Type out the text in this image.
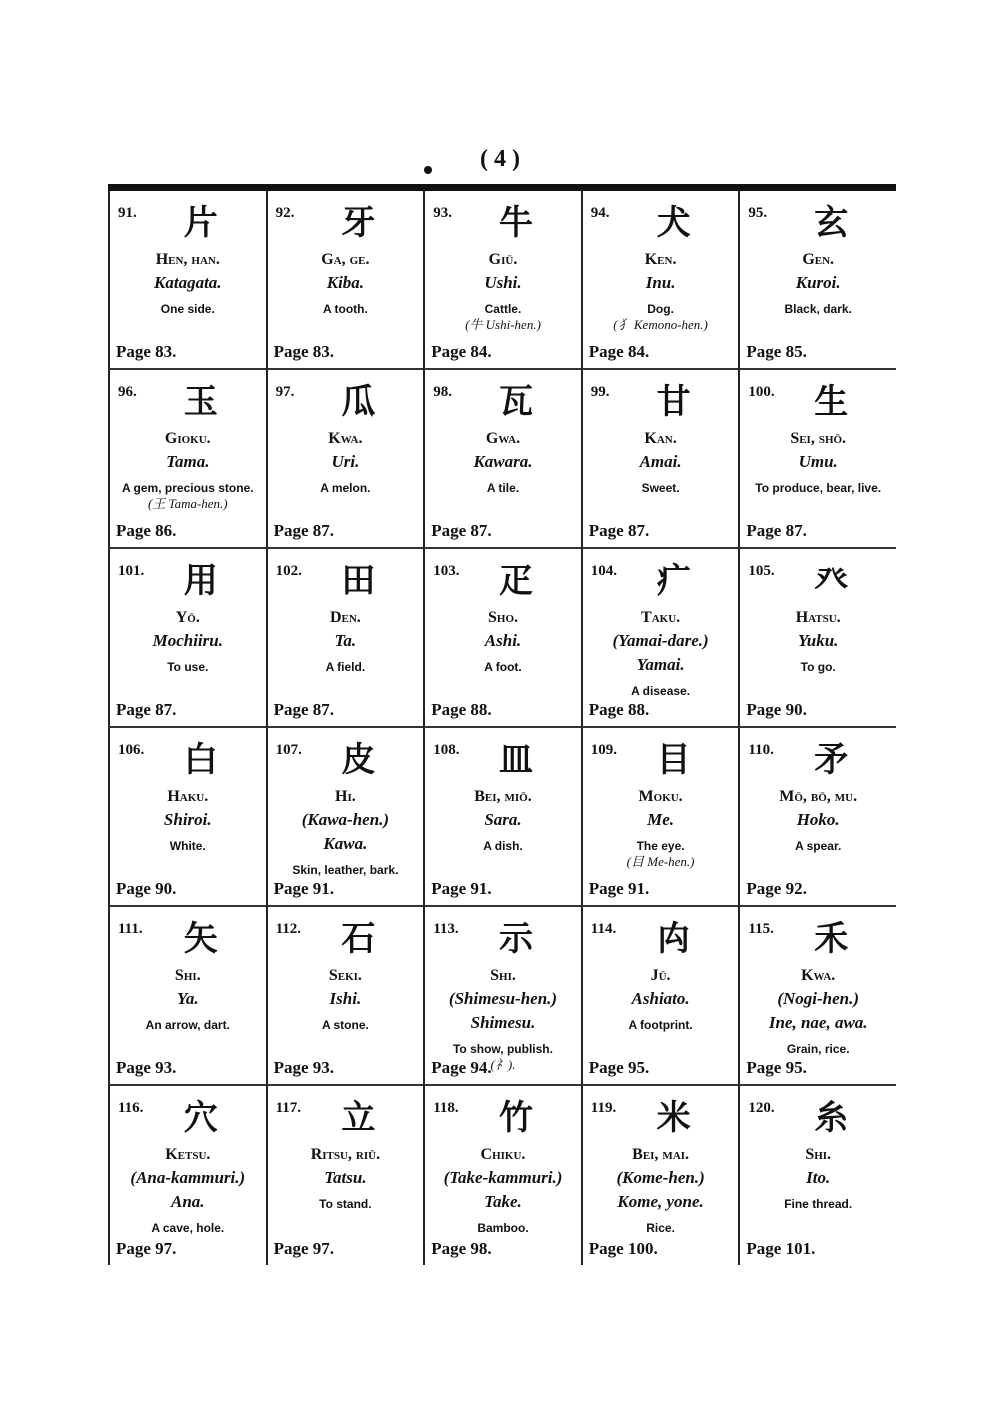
( 4 )
91.	片
Hen, han.
Katagata.
One side.
Page 83.
92.	牙
Ga, ge.
Kiba.
A tooth.
Page 83.
93.	牛
Giū.
Ushi.
Cattle.
(牛 Ushi-hen.)
Page 84.
94.	犬
Ken.
Inu.
Dog.
(犭 Kemono-hen.)
Page 84.
95.	玄
Gen.
Kuroi.
Black, dark.
Page 85.
96.	玉
Gioku.
Tama.
A gem, precious stone.
(王 Tama-hen.)
Page 86.
97.	瓜
Kwa.
Uri.
A melon.
Page 87.
98.	瓦
Gwa.
Kawara.
A tile.
Page 87.
99.	甘
Kan.
Amai.
Sweet.
Page 87.
100.	生
Sei, shō.
Umu.
To produce, bear, live.
Page 87.
101.	用
Yō.
Mochiiru.
To use.
Page 87.
102.	田
Den.
Ta.
A field.
Page 87.
103.	疋
Sho.
Ashi.
A foot.
Page 88.
104.	疒
Taku.
(Yamai-dare.)
Yamai.
A disease.
Page 88.
105.	癶
Hatsu.
Yuku.
To go.
Page 90.
106.	白
Haku.
Shiroi.
White.
Page 90.
107.	皮
Hi.
(Kawa-hen.)
Kawa.
Skin, leather, bark.
Page 91.
108.	皿
Bei, miō.
Sara.
A dish.
Page 91.
109.	目
Moku.
Me.
The eye.
(目 Me-hen.)
Page 91.
110.	矛
Mō, bō, mu.
Hoko.
A spear.
Page 92.
111.	矢
Shi.
Ya.
An arrow, dart.
Page 93.
112.	石
Seki.
Ishi.
A stone.
Page 93.
113.	示
Shi.
(Shimesu-hen.)
Shimesu.
To show, publish.
(礻).
Page 94.
114.	禸
Jū.
Ashiato.
A footprint.
Page 95.
115.	禾
Kwa.
(Nogi-hen.)
Ine, nae, awa.
Grain, rice.
Page 95.
116.	穴
Ketsu.
(Ana-kammuri.)
Ana.
A cave, hole.
Page 97.
117.	立
Ritsu, riū.
Tatsu.
To stand.
Page 97.
118.	竹
Chiku.
(Take-kammuri.)
Take.
Bamboo.
Page 98.
119.	米
Bei, mai.
(Kome-hen.)
Kome, yone.
Rice.
Page 100.
120.	糸
Shi.
Ito.
Fine thread.
Page 101.
